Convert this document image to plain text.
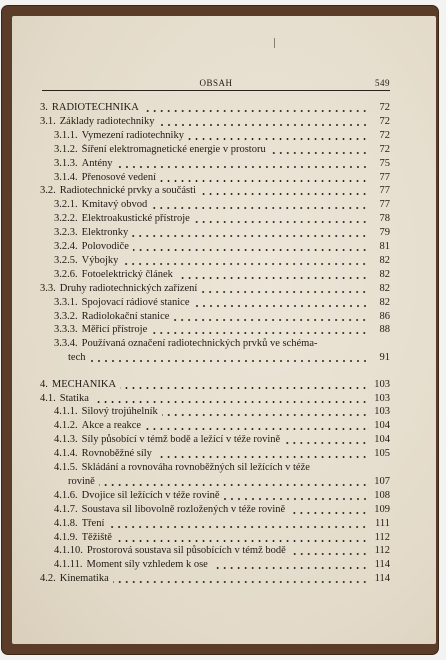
OBSAH	549
3. RADIOTECHNIKA	72
3.1. Základy radiotechniky	72
3.1.1. Vymezení radiotechniky	72
3.1.2. Šíření elektromagnetické energie v prostoru	72
3.1.3. Antény	75
3.1.4. Přenosové vedení	77
3.2. Radiotechnické prvky a součásti	77
3.2.1. Kmitavý obvod	77
3.2.2. Elektroakustické přístroje	78
3.2.3. Elektronky	79
3.2.4. Polovodiče	81
3.2.5. Výbojky	82
3.2.6. Fotoelektrický článek	82
3.3. Druhy radiotechnických zařízení	82
3.3.1. Spojovací rádiové stanice	82
3.3.2. Radiolokační stanice	86
3.3.3. Měřicí přístroje	88
3.3.4. Používaná označení radiotechnických prvků ve schéma-
tech	91
4. MECHANIKA	103
4.1. Statika	103
4.1.1. Silový trojúhelník	103
4.1.2. Akce a reakce	104
4.1.3. Síly působící v témž bodě a ležící v téže rovině	104
4.1.4. Rovnoběžné síly	105
4.1.5. Skládání a rovnováha rovnoběžných sil ležících v téže
rovině	107
4.1.6. Dvojice sil ležících v téže rovině	108
4.1.7. Soustava sil libovolně rozložených v téže rovině	109
4.1.8. Tření	111
4.1.9. Těžiště	112
4.1.10. Prostorová soustava sil působících v témž bodě	112
4.1.11. Moment síly vzhledem k ose	114
4.2. Kinematika	114
